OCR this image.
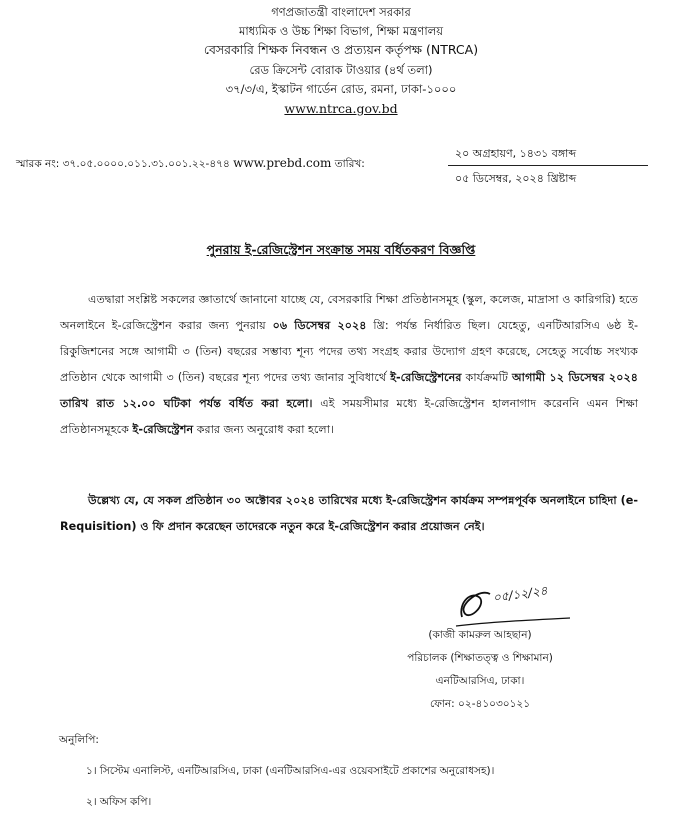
গণপ্রজাতন্ত্রী বাংলাদেশ সরকার
মাধ্যমিক ও উচ্চ শিক্ষা বিভাগ, শিক্ষা মন্ত্রণালয়
বেসরকারি শিক্ষক নিবন্ধন ও প্রত্যয়ন কর্তৃপক্ষ (NTRCA)
রেড ক্রিসেন্ট বোরাক টাওয়ার (৪র্থ তলা)
৩৭/৩/এ, ইস্কাটন গার্ডেন রোড, রমনা, ঢাকা-১০০০
www.ntrca.gov.bd
স্মারক নং: ৩৭.০৫.০০০০.০১১.৩১.০০১.২২-৪৭৪ www.prebd.com তারিখ:
২০ অগ্রহায়ণ, ১৪৩১ বঙ্গাব্দ
০৫ ডিসেম্বর, ২০২৪ খ্রিষ্টাব্দ
পুনরায় ই-রেজিস্ট্রেশন সংক্রান্ত সময় বর্ধিতকরণ বিজ্ঞপ্তি
এতদ্বারা সংশ্লিষ্ট সকলের জ্ঞাতার্থে জানানো যাচ্ছে যে, বেসরকারি শিক্ষা প্রতিষ্ঠানসমূহ (স্কুল, কলেজ, মাদ্রাসা ও কারিগরি) হতে অনলাইনে ই-রেজিস্ট্রেশন করার জন্য পুনরায় ০৬ ডিসেম্বর ২০২৪ খ্রি: পর্যন্ত নির্ধারিত ছিল। যেহেতু, এনটিআরসিএ ৬ষ্ঠ ই-রিকুজিশনের সঙ্গে আগামী ৩ (তিন) বছরের সম্ভাব্য শূন্য পদের তথ্য সংগ্রহ করার উদ্যোগ গ্রহণ করেছে, সেহেতু সর্বোচ্চ সংখ্যক প্রতিষ্ঠান থেকে আগামী ৩ (তিন) বছরের শূন্য পদের তথ্য জানার সুবিধার্থে ই-রেজিস্ট্রেশনের কার্যক্রমটি আগামী ১২ ডিসেম্বর ২০২৪ তারিখ রাত ১২.০০ ঘটিকা পর্যন্ত বর্ধিত করা হলো। এই সময়সীমার মধ্যে ই-রেজিস্ট্রেশন হালনাগাদ করেননি এমন শিক্ষা প্রতিষ্ঠানসমূহকে ই-রেজিস্ট্রেশন করার জন্য অনুরোধ করা হলো।
উল্লেখ্য যে, যে সকল প্রতিষ্ঠান ৩০ অক্টোবর ২০২৪ তারিখের মধ্যে ই-রেজিস্ট্রেশন কার্যক্রম সম্পন্নপূর্বক অনলাইনে চাহিদা (e-Requisition) ও ফি প্রদান করেছেন তাদেরকে নতুন করে ই-রেজিস্ট্রেশন করার প্রয়োজন নেই।
০৫/১২/২৪
(কাজী কামরুল আহছান)
পরিচালক (শিক্ষাতত্ত্ব ও শিক্ষামান)
এনটিআরসিএ, ঢাকা।
ফোন: ০২-৪১০৩০১২১
অনুলিপি:
১। সিস্টেম এনালিস্ট, এনটিআরসিএ, ঢাকা (এনটিআরসিএ-এর ওয়েবসাইটে প্রকাশের অনুরোধসহ)।
২। অফিস কপি।
